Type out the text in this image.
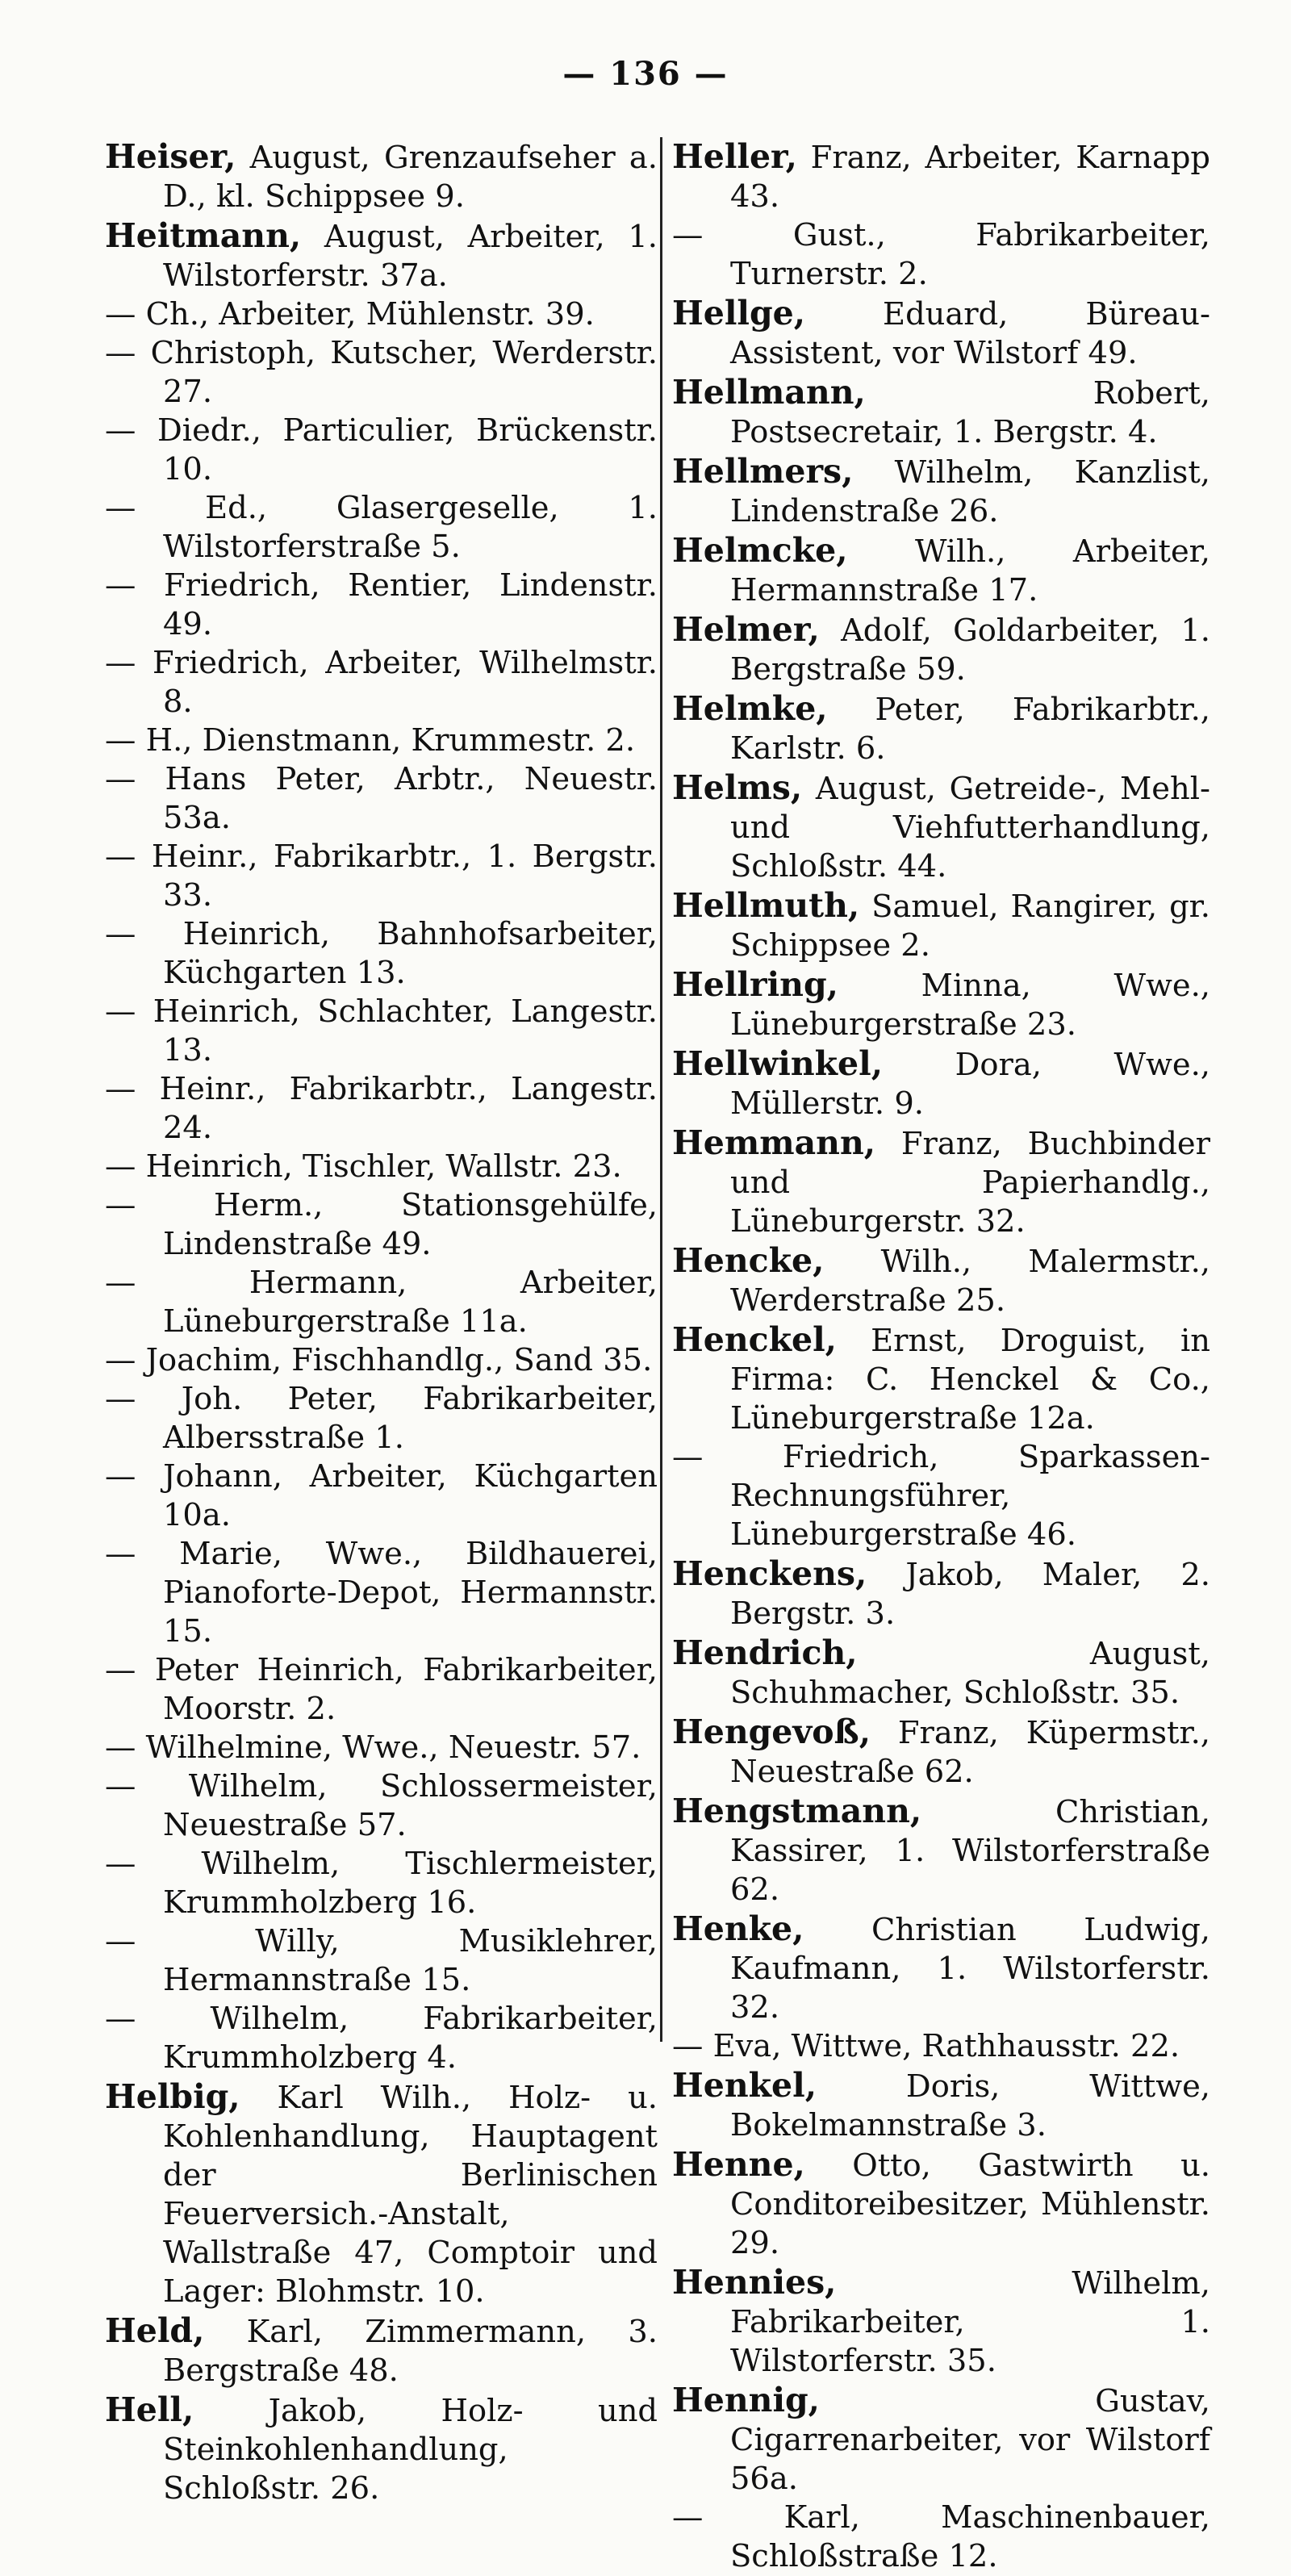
— 136 —

Heiser, August, Grenzaufseher a. D., kl. Schippsee 9.

Heitmann, August, Arbeiter, 1. Wilstorferstr. 37a.

— Ch., Arbeiter, Mühlenstr. 39.

— Christoph, Kutscher, Werderstr. 27.

— Diedr., Particulier, Brückenstr. 10.

— Ed., Glasergeselle, 1. Wilstorferstraße 5.

— Friedrich, Rentier, Lindenstr. 49.

— Friedrich, Arbeiter, Wilhelmstr. 8.

— H., Dienstmann, Krummestr. 2.

— Hans Peter, Arbtr., Neuestr. 53a.

— Heinr., Fabrikarbtr., 1. Bergstr. 33.

— Heinrich, Bahnhofsarbeiter, Küchgarten 13.

— Heinrich, Schlachter, Langestr. 13.

— Heinr., Fabrikarbtr., Langestr. 24.

— Heinrich, Tischler, Wallstr. 23.

— Herm., Stationsgehülfe, Lindenstraße 49.

— Hermann, Arbeiter, Lüneburgerstraße 11a.

— Joachim, Fischhandlg., Sand 35.

— Joh. Peter, Fabrikarbeiter, Albersstraße 1.

— Johann, Arbeiter, Küchgarten 10a.

— Marie, Wwe., Bildhauerei, Pianoforte-Depot, Hermannstr. 15.

— Peter Heinrich, Fabrikarbeiter, Moorstr. 2.

— Wilhelmine, Wwe., Neuestr. 57.

— Wilhelm, Schlossermeister, Neuestraße 57.

— Wilhelm, Tischlermeister, Krummholzberg 16.

— Willy, Musiklehrer, Hermannstraße 15.

— Wilhelm, Fabrikarbeiter, Krummholzberg 4.

Helbig, Karl Wilh., Holz- u. Kohlenhandlung, Hauptagent der Berlinischen Feuerversich.-Anstalt, Wallstraße 47, Comptoir und Lager: Blohmstr. 10.

Held, Karl, Zimmermann, 3. Bergstraße 48.

Hell, Jakob, Holz- und Steinkohlenhandlung, Schloßstr. 26.

Heller, Franz, Arbeiter, Karnapp 43.

— Gust., Fabrikarbeiter, Turnerstr. 2.

Hellge, Eduard, Büreau-Assistent, vor Wilstorf 49.

Hellmann, Robert, Postsecretair, 1. Bergstr. 4.

Hellmers, Wilhelm, Kanzlist, Lindenstraße 26.

Helmcke, Wilh., Arbeiter, Hermannstraße 17.

Helmer, Adolf, Goldarbeiter, 1. Bergstraße 59.

Helmke, Peter, Fabrikarbtr., Karlstr. 6.

Helms, August, Getreide-, Mehl- und Viehfutterhandlung, Schloßstr. 44.

Hellmuth, Samuel, Rangirer, gr. Schippsee 2.

Hellring, Minna, Wwe., Lüneburgerstraße 23.

Hellwinkel, Dora, Wwe., Müllerstr. 9.

Hemmann, Franz, Buchbinder und Papierhandlg., Lüneburgerstr. 32.

Hencke, Wilh., Malermstr., Werderstraße 25.

Henckel, Ernst, Droguist, in Firma: C. Henckel & Co., Lüneburgerstraße 12a.

— Friedrich, Sparkassen-Rechnungsführer, Lüneburgerstraße 46.

Henckens, Jakob, Maler, 2. Bergstr. 3.

Hendrich, August, Schuhmacher, Schloßstr. 35.

Hengevoß, Franz, Küpermstr., Neuestraße 62.

Hengstmann, Christian, Kassirer, 1. Wilstorferstraße 62.

Henke, Christian Ludwig, Kaufmann, 1. Wilstorferstr. 32.

— Eva, Wittwe, Rathhausstr. 22.

Henkel, Doris, Wittwe, Bokelmannstraße 3.

Henne, Otto, Gastwirth u. Conditoreibesitzer, Mühlenstr. 29.

Hennies, Wilhelm, Fabrikarbeiter, 1. Wilstorferstr. 35.

Hennig, Gustav, Cigarrenarbeiter, vor Wilstorf 56a.

— Karl, Maschinenbauer, Schloßstraße 12.
